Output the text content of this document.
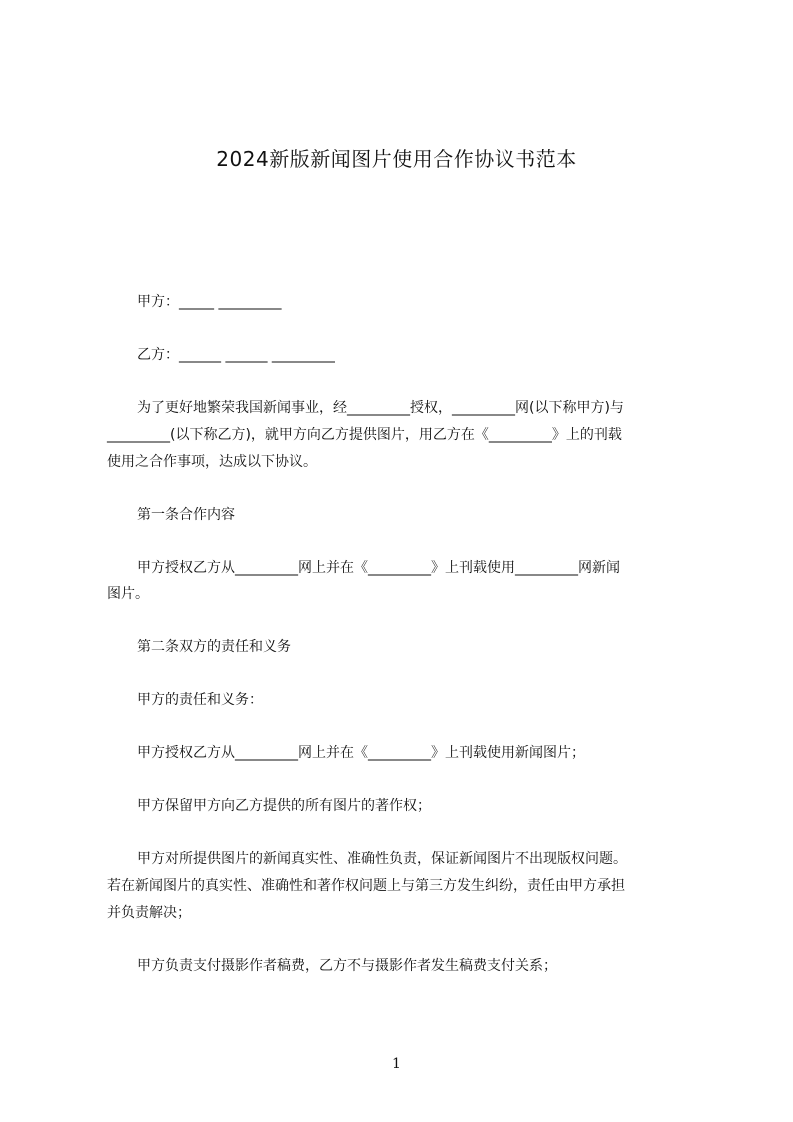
2024新版新闻图片使用合作协议书范本
甲方：_____ _________
乙方：______ ______ _________
为了更好地繁荣我国新闻事业，经_________授权，_________网(以下称甲方)与
_________(以下称乙方)，就甲方向乙方提供图片，用乙方在《_________》上的刊载
使用之合作事项，达成以下协议。
第一条合作内容
甲方授权乙方从_________网上并在《_________》上刊载使用_________网新闻
图片。
第二条双方的责任和义务
甲方的责任和义务：
甲方授权乙方从_________网上并在《_________》上刊载使用新闻图片；
甲方保留甲方向乙方提供的所有图片的著作权；
甲方对所提供图片的新闻真实性、准确性负责，保证新闻图片不出现版权问题。
若在新闻图片的真实性、准确性和著作权问题上与第三方发生纠纷，责任由甲方承担
并负责解决；
甲方负责支付摄影作者稿费，乙方不与摄影作者发生稿费支付关系；
1
